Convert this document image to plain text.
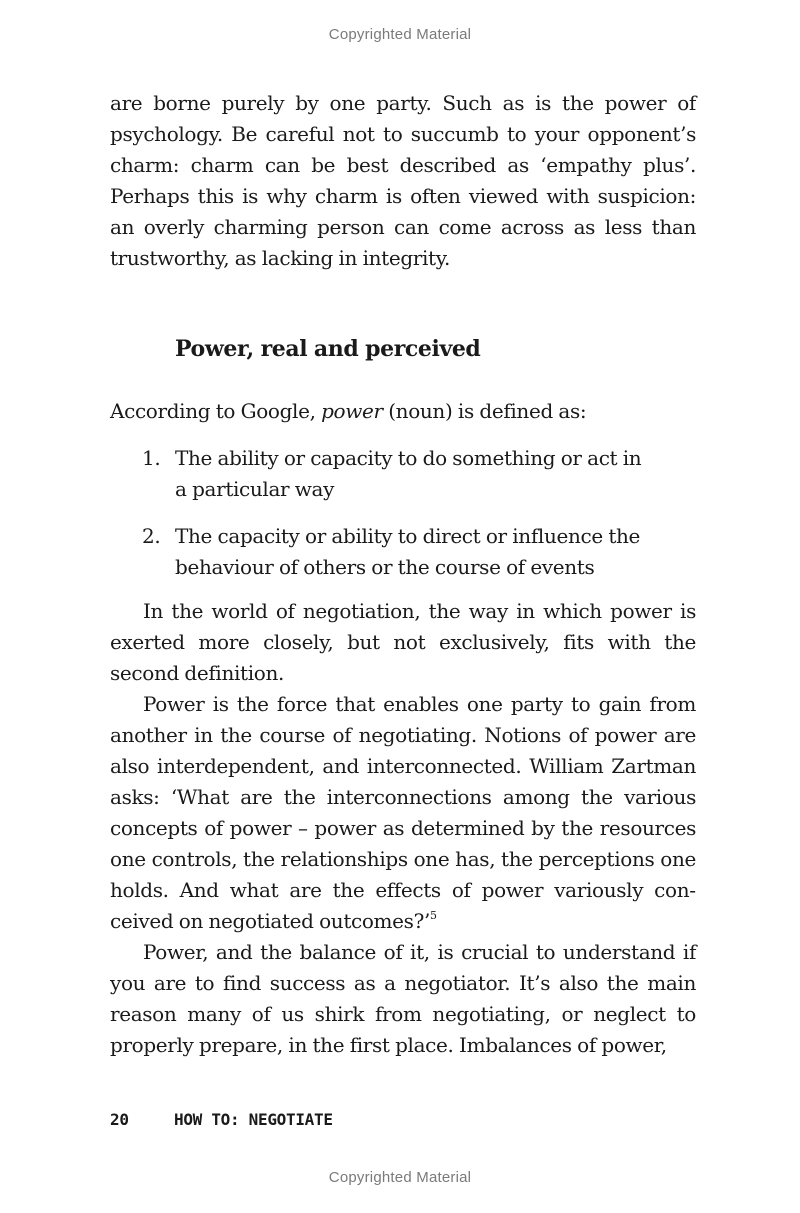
Copyrighted Material

are borne purely by one party. Such as is the power of psychology. Be careful not to succumb to your opponent’s charm: charm can be best described as ‘empathy plus’. Perhaps this is why charm is often viewed with suspicion: an overly charming person can come across as less than trustworthy, as lacking in integrity.

Power, real and perceived

According to Google, power (noun) is defined as:

1. The ability or capacity to do something or act in a particular way
2. The capacity or ability to direct or influence the behaviour of others or the course of events

In the world of negotiation, the way in which power is exerted more closely, but not exclusively, fits with the second definition.

Power is the force that enables one party to gain from another in the course of negotiating. Notions of power are also interdependent, and interconnected. William Zartman asks: ‘What are the interconnections among the various concepts of power – power as determined by the resources one controls, the relationships one has, the perceptions one holds. And what are the effects of power variously conceived on negotiated outcomes?’$^5$

Power, and the balance of it, is crucial to understand if you are to find success as a negotiator. It’s also the main reason many of us shirk from negotiating, or neglect to properly prepare, in the first place. Imbalances of power,

20	HOW TO: NEGOTIATE
Copyrighted Material
